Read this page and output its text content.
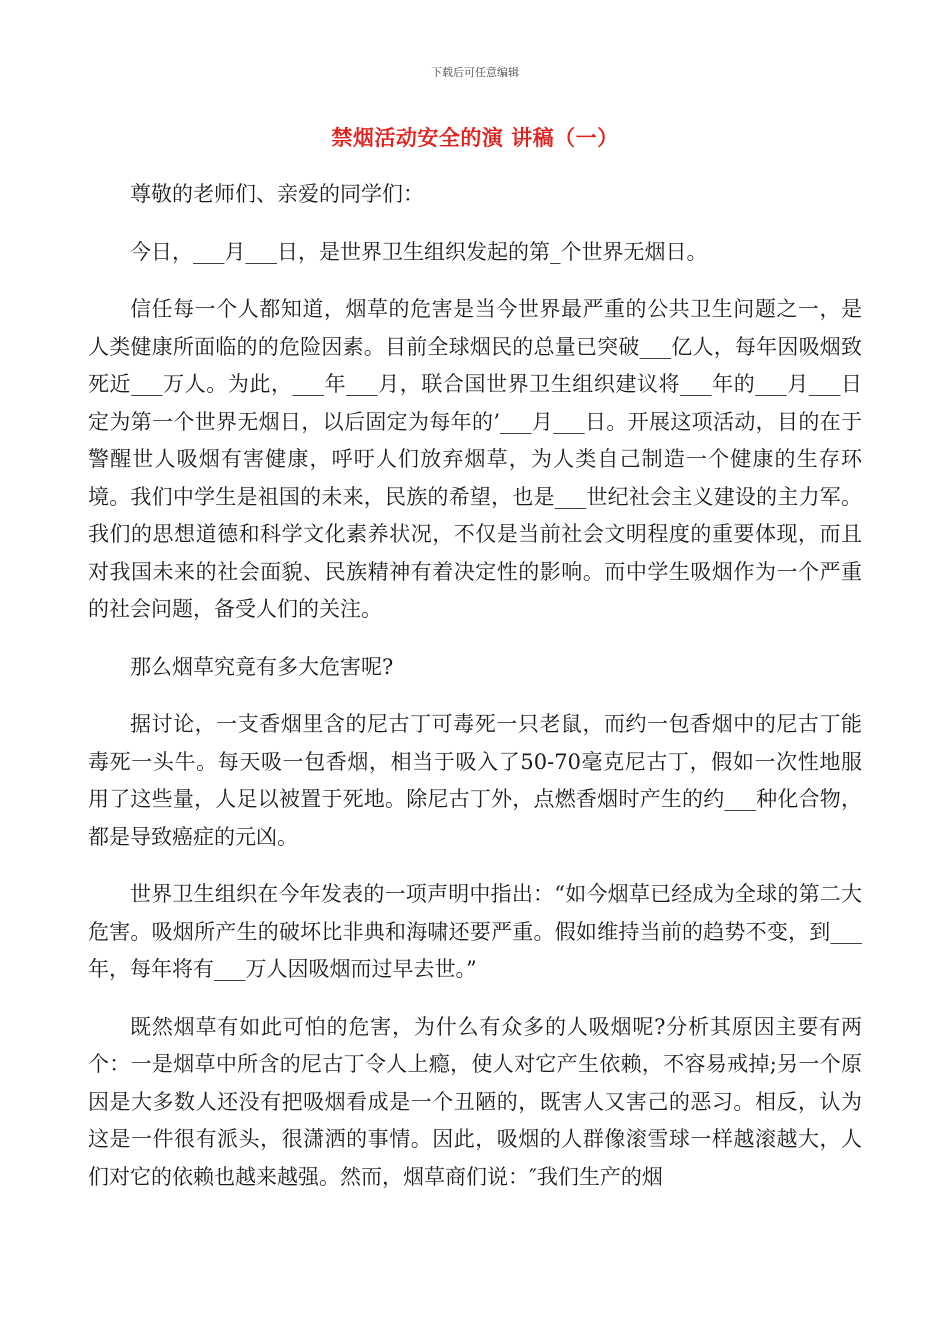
下载后可任意编辑
禁烟活动安全的演 讲稿（一）

尊敬的老师们、亲爱的同学们：

今日，___月___日，是世界卫生组织发起的第_个世界无烟日。

信任每一个人都知道，烟草的危害是当今世界最严重的公共卫生问题之一，是人类健康所面临的的危险因素。目前全球烟民的总量已突破___亿人，每年因吸烟致死近___万人。为此，___年___月，联合国世界卫生组织建议将___年的___月___日定为第一个世界无烟日，以后固定为每年的’___月___日。开展这项活动，目的在于警醒世人吸烟有害健康，呼吁人们放弃烟草，为人类自己制造一个健康的生存环境。我们中学生是祖国的未来，民族的希望，也是___世纪社会主义建设的主力军。我们的思想道德和科学文化素养状况，不仅是当前社会文明程度的重要体现，而且对我国未来的社会面貌、民族精神有着决定性的影响。而中学生吸烟作为一个严重的社会问题，备受人们的关注。

那么烟草究竟有多大危害呢?

据讨论，一支香烟里含的尼古丁可毒死一只老鼠，而约一包香烟中的尼古丁能毒死一头牛。每天吸一包香烟，相当于吸入了50-70毫克尼古丁，假如一次性地服用了这些量，人足以被置于死地。除尼古丁外，点燃香烟时产生的约___种化合物，都是导致癌症的元凶。

世界卫生组织在今年发表的一项声明中指出：“如今烟草已经成为全球的第二大危害。吸烟所产生的破坏比非典和海啸还要严重。假如维持当前的趋势不变，到___年，每年将有___万人因吸烟而过早去世。”

既然烟草有如此可怕的危害，为什么有众多的人吸烟呢?分析其原因主要有两个：一是烟草中所含的尼古丁令人上瘾，使人对它产生依赖，不容易戒掉;另一个原因是大多数人还没有把吸烟看成是一个丑陋的，既害人又害己的恶习。相反，认为这是一件很有派头，很潇洒的事情。因此，吸烟的人群像滚雪球一样越滚越大，人们对它的依赖也越来越强。然而，烟草商们说：″我们生产的烟
